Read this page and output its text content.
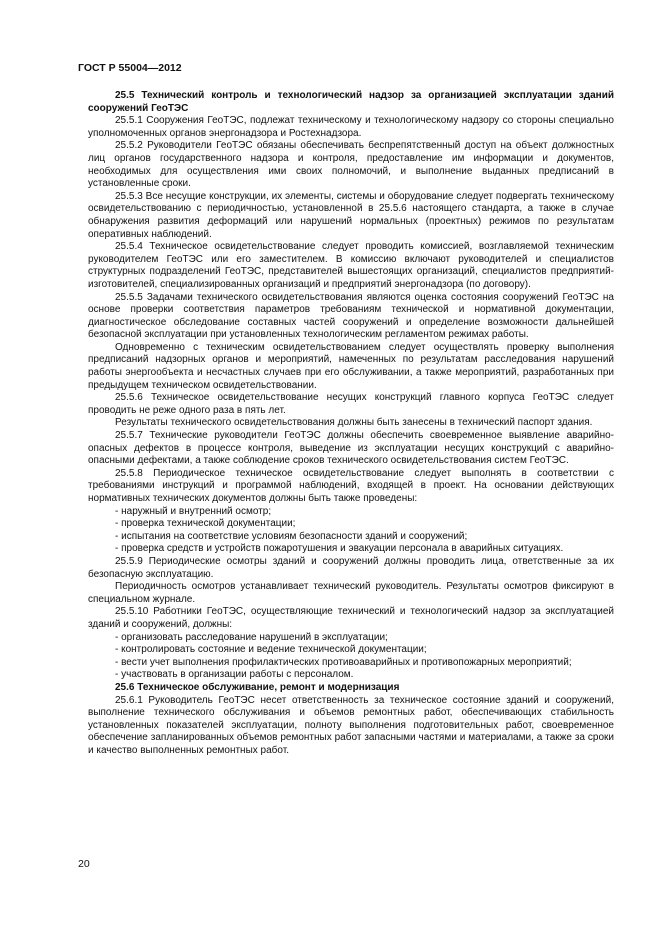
ГОСТ Р 55004—2012

25.5 Технический контроль и технологический надзор за организацией эксплуатации зданий сооружений ГеоТЭС

25.5.1 Сооружения ГеоТЭС, подлежат техническому и технологическому надзору со стороны специально уполномоченных органов энергонадзора и Ростехнадзора.

25.5.2 Руководители ГеоТЭС обязаны обеспечивать беспрепятственный доступ на объект должностных лиц органов государственного надзора и контроля, предоставление им информации и документов, необходимых для осуществления ими своих полномочий, и выполнение выданных предписаний в установленные сроки.

25.5.3 Все несущие конструкции, их элементы, системы и оборудование следует подвергать техническому освидетельствованию с периодичностью, установленной в 25.5.6 настоящего стандарта, а также в случае обнаружения развития деформаций или нарушений нормальных (проектных) режимов по результатам оперативных наблюдений.

25.5.4 Техническое освидетельствование следует проводить комиссией, возглавляемой техническим руководителем ГеоТЭС или его заместителем. В комиссию включают руководителей и специалистов структурных подразделений ГеоТЭС, представителей вышестоящих организаций, специалистов предприятий-изготовителей, специализированных организаций и предприятий энергонадзора (по договору).

25.5.5 Задачами технического освидетельствования являются оценка состояния сооружений ГеоТЭС на основе проверки соответствия параметров требованиям технической и нормативной документации, диагностическое обследование составных частей сооружений и определение возможности дальнейшей безопасной эксплуатации при установленных технологическим регламентом режимах работы.

Одновременно с техническим освидетельствованием следует осуществлять проверку выполнения предписаний надзорных органов и мероприятий, намеченных по результатам расследования нарушений работы энергообъекта и несчастных случаев при его обслуживании, а также мероприятий, разработанных при предыдущем техническом освидетельствовании.

25.5.6 Техническое освидетельствование несущих конструкций главного корпуса ГеоТЭС следует проводить не реже одного раза в пять лет.

Результаты технического освидетельствования должны быть занесены в технический паспорт здания.

25.5.7 Технические руководители ГеоТЭС должны обеспечить своевременное выявление аварийно-опасных дефектов в процессе контроля, выведение из эксплуатации несущих конструкций с аварийно-опасными дефектами, а также соблюдение сроков технического освидетельствования систем ГеоТЭС.

25.5.8 Периодическое техническое освидетельствование следует выполнять в соответствии с требованиями инструкций и программой наблюдений, входящей в проект. На основании действующих нормативных технических документов должны быть также проведены:

- наружный и внутренний осмотр;

- проверка технической документации;

- испытания на соответствие условиям безопасности зданий и сооружений;

- проверка средств и устройств пожаротушения и эвакуации персонала в аварийных ситуациях.

25.5.9 Периодические осмотры зданий и сооружений должны проводить лица, ответственные за их безопасную эксплуатацию.

Периодичность осмотров устанавливает технический руководитель. Результаты осмотров фиксируют в специальном журнале.

25.5.10 Работники ГеоТЭС, осуществляющие технический и технологический надзор за эксплуатацией зданий и сооружений, должны:

- организовать расследование нарушений в эксплуатации;

- контролировать состояние и ведение технической документации;

- вести учет выполнения профилактических противоаварийных и противопожарных мероприятий;

- участвовать в организации работы с персоналом.

25.6 Техническое обслуживание, ремонт и модернизация

25.6.1 Руководитель ГеоТЭС несет ответственность за техническое состояние зданий и сооружений, выполнение технического обслуживания и объемов ремонтных работ, обеспечивающих стабильность установленных показателей эксплуатации, полноту выполнения подготовительных работ, своевременное обеспечение запланированных объемов ремонтных работ запасными частями и материалами, а также за сроки и качество выполненных ремонтных работ.

20
